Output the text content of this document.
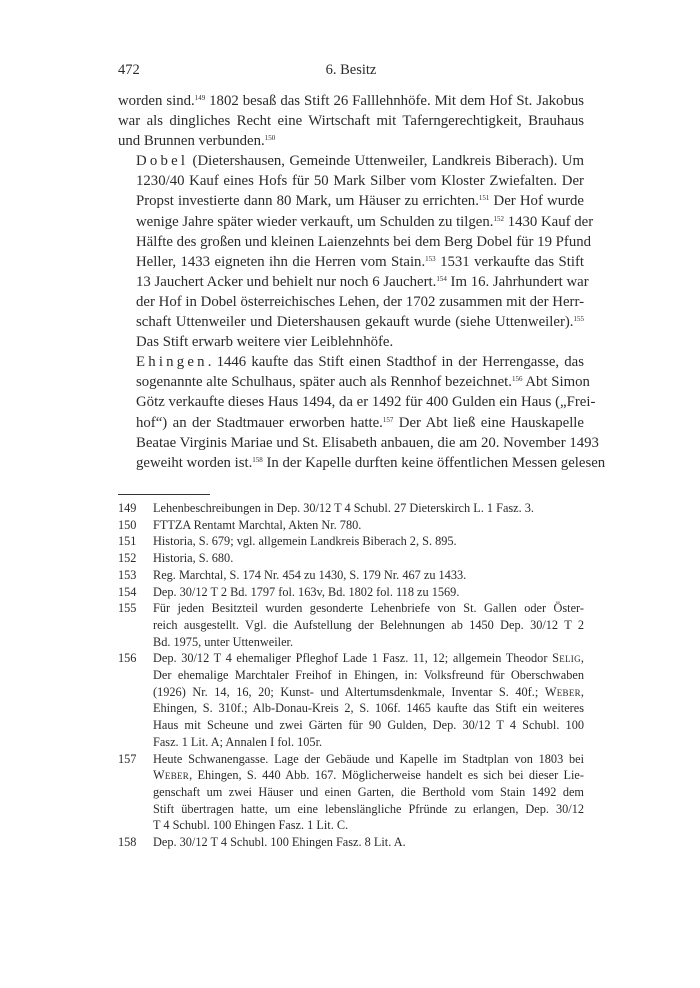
472	6. Besitz

worden sind.$^{149}$ 1802 besaß das Stift 26 Falllehnhöfe. Mit dem Hof St. Jakobus
war als dingliches Recht eine Wirtschaft mit Taferngerechtigkeit, Brauhaus
und Brunnen verbunden.$^{150}$

Dobel (Dietershausen, Gemeinde Uttenweiler, Landkreis Biberach). Um
1230/40 Kauf eines Hofs für 50 Mark Silber vom Kloster Zwiefalten. Der
Propst investierte dann 80 Mark, um Häuser zu errichten.$^{151}$ Der Hof wurde
wenige Jahre später wieder verkauft, um Schulden zu tilgen.$^{152}$ 1430 Kauf der
Hälfte des großen und kleinen Laienzehnts bei dem Berg Dobel für 19 Pfund
Heller, 1433 eigneten ihn die Herren vom Stain.$^{153}$ 1531 verkaufte das Stift
13 Jauchert Acker und behielt nur noch 6 Jauchert.$^{154}$ Im 16. Jahrhundert war
der Hof in Dobel österreichisches Lehen, der 1702 zusammen mit der Herr-
schaft Uttenweiler und Dietershausen gekauft wurde (siehe Uttenweiler).$^{155}$
Das Stift erwarb weitere vier Leiblehnhöfe.

Ehingen. 1446 kaufte das Stift einen Stadthof in der Herrengasse, das
sogenannte alte Schulhaus, später auch als Rennhof bezeichnet.$^{156}$ Abt Simon
Götz verkaufte dieses Haus 1494, da er 1492 für 400 Gulden ein Haus („Frei-
hof“) an der Stadtmauer erworben hatte.$^{157}$ Der Abt ließ eine Hauskapelle
Beatae Virginis Mariae und St. Elisabeth anbauen, die am 20. November 1493
geweiht worden ist.$^{158}$ In der Kapelle durften keine öffentlichen Messen gelesen

149 Lehenbeschreibungen in Dep. 30/12 T 4 Schubl. 27 Dieterskirch L. 1 Fasz. 3.
150 FTTZA Rentamt Marchtal, Akten Nr. 780.
151 Historia, S. 679; vgl. allgemein Landkreis Biberach 2, S. 895.
152 Historia, S. 680.
153 Reg. Marchtal, S. 174 Nr. 454 zu 1430, S. 179 Nr. 467 zu 1433.
154 Dep. 30/12 T 2 Bd. 1797 fol. 163v, Bd. 1802 fol. 118 zu 1569.
155 Für jeden Besitzteil wurden gesonderte Lehenbriefe von St. Gallen oder Öster-
reich ausgestellt. Vgl. die Aufstellung der Belehnungen ab 1450 Dep. 30/12 T 2
Bd. 1975, unter Uttenweiler.
156 Dep. 30/12 T 4 ehemaliger Pfleghof Lade 1 Fasz. 11, 12; allgemein Theodor Selig,
Der ehemalige Marchtaler Freihof in Ehingen, in: Volksfreund für Oberschwaben
(1926) Nr. 14, 16, 20; Kunst- und Altertumsdenkmale, Inventar S. 40f.; Weber,
Ehingen, S. 310f.; Alb-Donau-Kreis 2, S. 106f. 1465 kaufte das Stift ein weiteres
Haus mit Scheune und zwei Gärten für 90 Gulden, Dep. 30/12 T 4 Schubl. 100
Fasz. 1 Lit. A; Annalen I fol. 105r.
157 Heute Schwanengasse. Lage der Gebäude und Kapelle im Stadtplan von 1803 bei
Weber, Ehingen, S. 440 Abb. 167. Möglicherweise handelt es sich bei dieser Lie-
genschaft um zwei Häuser und einen Garten, die Berthold vom Stain 1492 dem
Stift übertragen hatte, um eine lebenslängliche Pfründe zu erlangen, Dep. 30/12
T 4 Schubl. 100 Ehingen Fasz. 1 Lit. C.
158 Dep. 30/12 T 4 Schubl. 100 Ehingen Fasz. 8 Lit. A.
